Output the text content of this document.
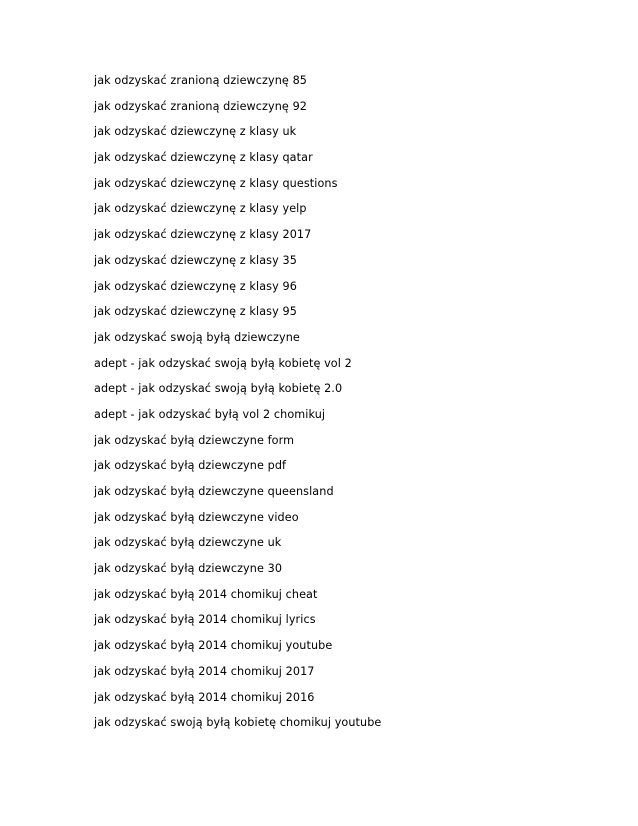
jak odzyskać zranioną dziewczynę 85
jak odzyskać zranioną dziewczynę 92
jak odzyskać dziewczynę z klasy uk
jak odzyskać dziewczynę z klasy qatar
jak odzyskać dziewczynę z klasy questions
jak odzyskać dziewczynę z klasy yelp
jak odzyskać dziewczynę z klasy 2017
jak odzyskać dziewczynę z klasy 35
jak odzyskać dziewczynę z klasy 96
jak odzyskać dziewczynę z klasy 95
jak odzyskać swoją byłą dziewczyne
adept - jak odzyskać swoją byłą kobietę vol 2
adept - jak odzyskać swoją byłą kobietę 2.0
adept - jak odzyskać byłą vol 2 chomikuj
jak odzyskać byłą dziewczyne form
jak odzyskać byłą dziewczyne pdf
jak odzyskać byłą dziewczyne queensland
jak odzyskać byłą dziewczyne video
jak odzyskać byłą dziewczyne uk
jak odzyskać byłą dziewczyne 30
jak odzyskać byłą 2014 chomikuj cheat
jak odzyskać byłą 2014 chomikuj lyrics
jak odzyskać byłą 2014 chomikuj youtube
jak odzyskać byłą 2014 chomikuj 2017
jak odzyskać byłą 2014 chomikuj 2016
jak odzyskać swoją byłą kobietę chomikuj youtube
